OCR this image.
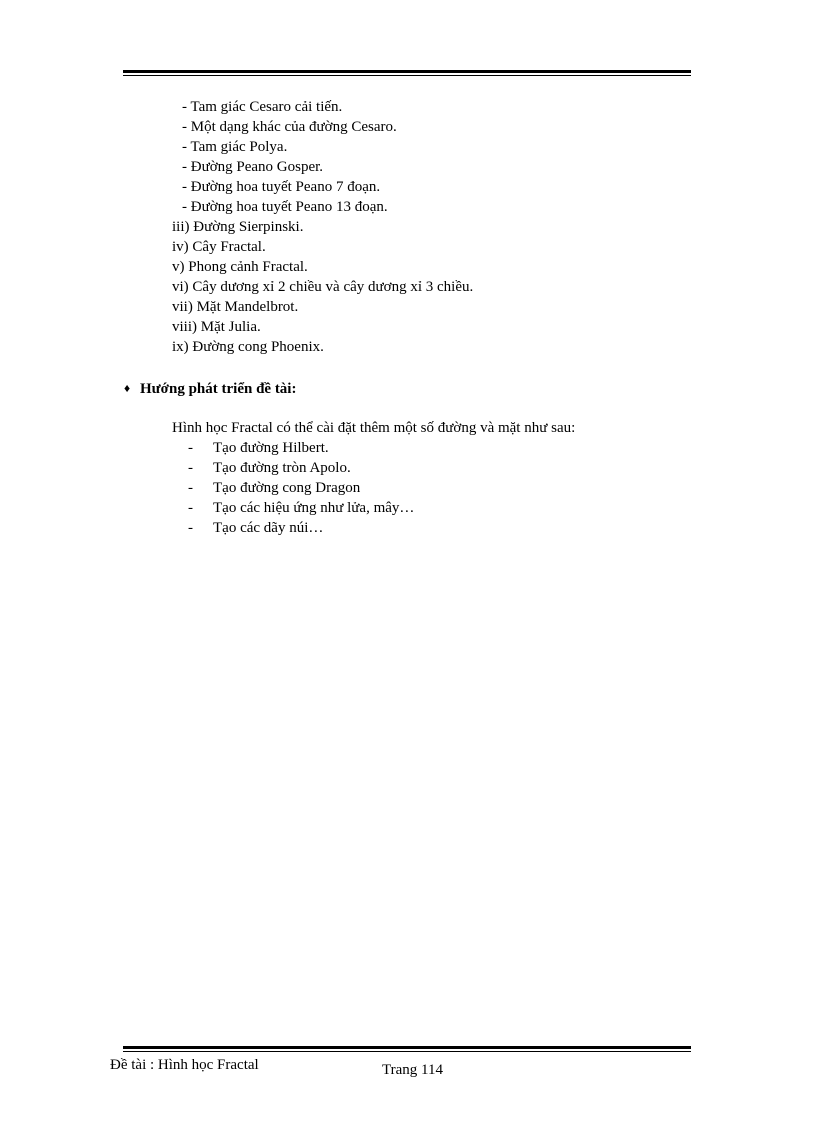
- Tam giác Cesaro cải tiến.
- Một dạng khác của đường Cesaro.
- Tam giác Polya.
- Đường Peano Gosper.
- Đường hoa tuyết Peano 7 đoạn.
- Đường hoa tuyết Peano 13 đoạn.
iii) Đường Sierpinski.
iv) Cây Fractal.
v) Phong cảnh Fractal.
vi) Cây dương xỉ 2 chiều và cây dương xỉ 3 chiều.
vii) Mặt Mandelbrot.
viii) Mặt Julia.
ix) Đường cong Phoenix.
♦ Hướng phát triển đề tài:
Hình học Fractal có thể cài đặt thêm một số đường và mặt như sau:
- Tạo đường Hilbert.
- Tạo đường tròn Apolo.
- Tạo đường cong Dragon
- Tạo các hiệu ứng như lửa, mây…
- Tạo các dãy núi…
Đề tài : Hình học Fractal	Trang 114
